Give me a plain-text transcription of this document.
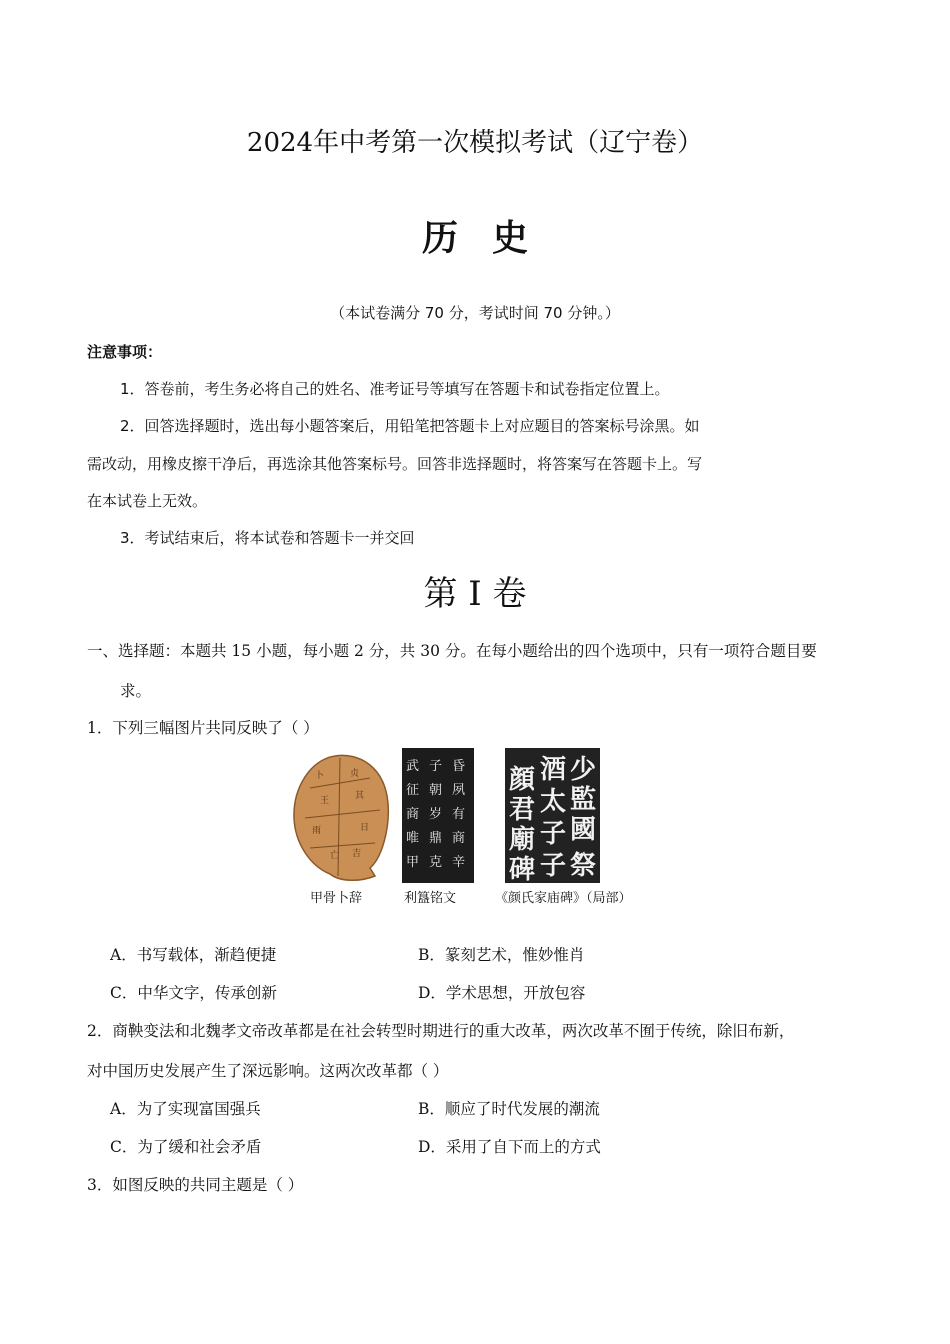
2024年中考第一次模拟考试（辽宁卷）
历史
（本试卷满分 70 分，考试时间 70 分钟。）
注意事项：
1．答卷前，考生务必将自己的姓名、准考证号等填写在答题卡和试卷指定位置上。
2．回答选择题时，选出每小题答案后，用铅笔把答题卡上对应题目的答案标号涂黑。如
需改动，用橡皮擦干净后，再选涂其他答案标号。回答非选择题时，将答案写在答题卡上。写
在本试卷上无效。
3．考试结束后，将本试卷和答题卡一并交回
第 I 卷
一、选择题：本题共 15 小题，每小题 2 分，共 30 分。在每小题给出的四个选项中，只有一项符合题目要
求。
1．下列三幅图片共同反映了（ ）
卜	贞
王	其
雨	日
亡 吉
武
征
商
唯
甲
子
朝
岁
鼎
克
昏
夙
有
商
辛
少
酒
顔
監
太
君
國
子
廟
子
碑 祭
甲骨卜辞	利簋铭文	《颜氏家庙碑》（局部）
A．书写载体，渐趋便捷	B．篆刻艺术，惟妙惟肖
C．中华文字，传承创新	D．学术思想，开放包容
2．商鞅变法和北魏孝文帝改革都是在社会转型时期进行的重大改革，两次改革不囿于传统，除旧布新，
对中国历史发展产生了深远影响。这两次改革都（ ）
A．为了实现富国强兵	B．顺应了时代发展的潮流
C．为了缓和社会矛盾	D．采用了自下而上的方式
3．如图反映的共同主题是（ ）
